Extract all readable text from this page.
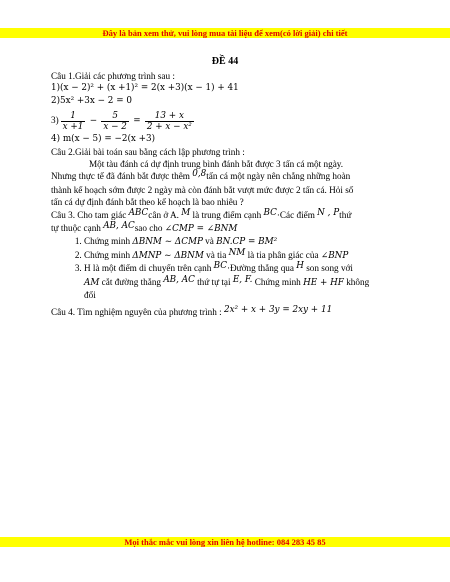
Đây là bản xem thử, vui lòng mua tài liệu để xem(có lời giải) chi tiết
ĐỀ 44
Câu 1.Giải các phương trình sau :
1)(x − 2)² + (x +1)² = 2(x +3)(x − 1) + 41
2)5x² +3x − 2 = 0
$3) \frac{1}{x +1} - \frac{5}{x - 2} = \frac{13 + x}{\text{2 + x − x²}}$
4) m(x − 5) = −2(x +3)
Câu 2.Giải bài toán sau bằng cách lập phương trình :
Một tàu đánh cá dự định trung bình đánh bắt được 3 tấn cá một ngày.
Nhưng thực tế đã đánh bắt được thêm 0,8tấn cá một ngày nên chẳng những hoàn
thành kế hoạch sớm được 2 ngày mà còn đánh bắt vượt mức được 2 tấn cá. Hỏi số
tấn cá dự định đánh bắt theo kế hoạch là bao nhiêu ?
Câu 3. Cho tam giác ABCcân ở A. M là trung điểm cạnh BC·Các điểm N , Pthứ
tự thuộc cạnh AB, ACsao cho ∠CMP = ∠BNM
1. Chứng minh ΔBNM ∼ ΔCMP và BN.CP = BM²
2. Chứng minh ΔMNP ∼ ΔBNM và tia NM là tia phân giác của ∠BNP
3. H là một điểm di chuyển trên cạnh BC·Đường thẳng qua H son song với
AM cắt đường thẳng AB, AC thứ tự tại E, F. Chứng minh HE + HF không
đổi
Câu 4. Tìm nghiệm nguyên của phương trình : 2x² + x + 3y = 2xy + 11
Mọi thắc mắc vui lòng xin liên hệ hotline: 084 283 45 85
